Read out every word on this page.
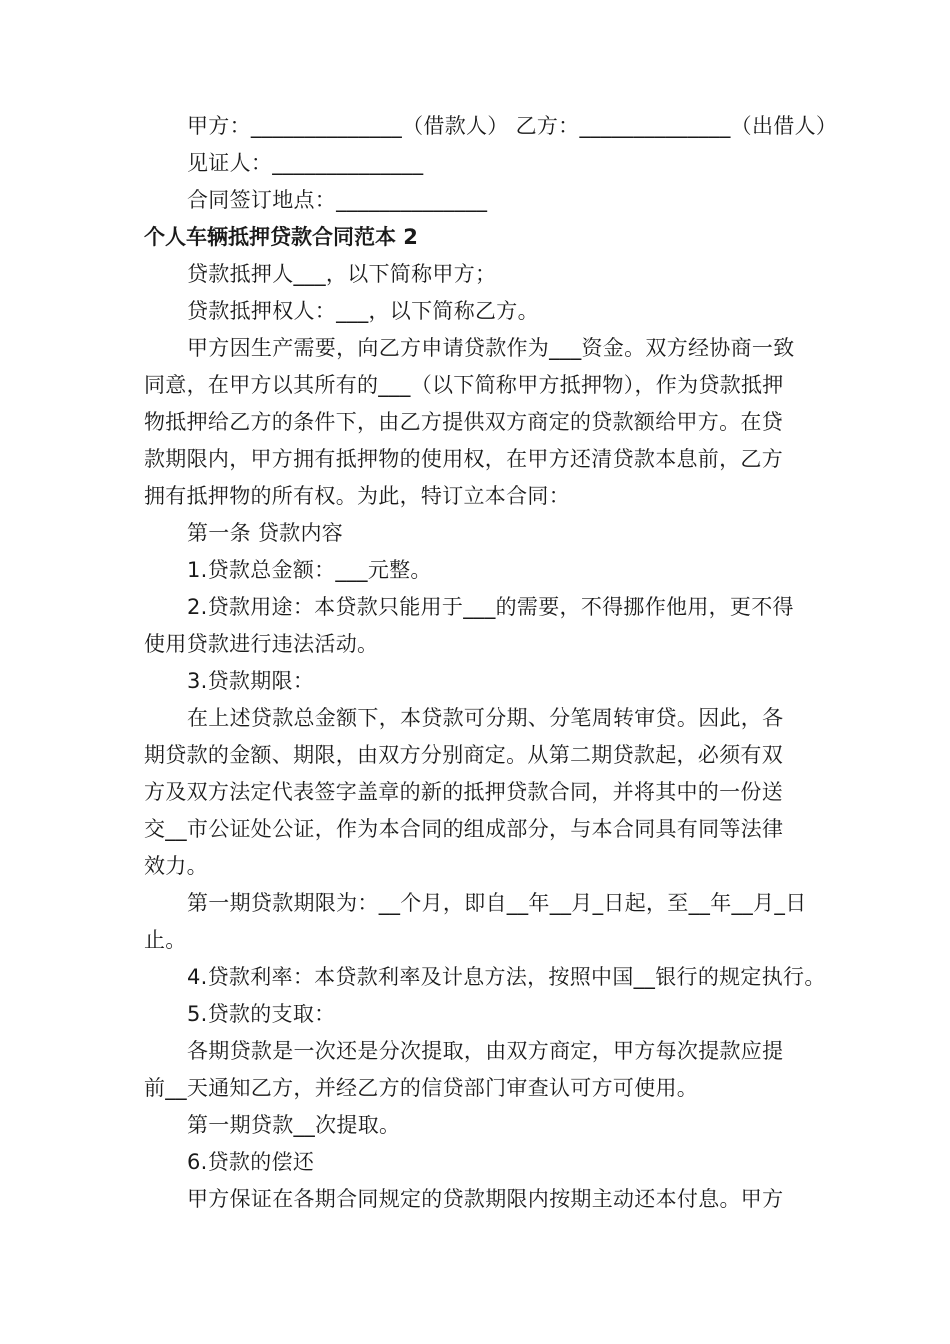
甲方：______________（借款人） 乙方：______________（出借人）
见证人：______________
合同签订地点：______________
个人车辆抵押贷款合同范本 2
贷款抵押人___，以下简称甲方；
贷款抵押权人：___，以下简称乙方。
甲方因生产需要，向乙方申请贷款作为___资金。双方经协商一致
同意，在甲方以其所有的___（以下简称甲方抵押物），作为贷款抵押
物抵押给乙方的条件下，由乙方提供双方商定的贷款额给甲方。在贷
款期限内，甲方拥有抵押物的使用权，在甲方还清贷款本息前，乙方
拥有抵押物的所有权。为此，特订立本合同：
第一条 贷款内容
1.贷款总金额：___元整。
2.贷款用途：本贷款只能用于___的需要，不得挪作他用，更不得
使用贷款进行违法活动。
3.贷款期限：
在上述贷款总金额下，本贷款可分期、分笔周转审贷。因此，各
期贷款的金额、期限，由双方分别商定。从第二期贷款起，必须有双
方及双方法定代表签字盖章的新的抵押贷款合同，并将其中的一份送
交__市公证处公证，作为本合同的组成部分，与本合同具有同等法律
效力。
第一期贷款期限为：__个月，即自__年__月_日起，至__年__月_日
止。
4.贷款利率：本贷款利率及计息方法，按照中国__银行的规定执行。
5.贷款的支取：
各期贷款是一次还是分次提取，由双方商定，甲方每次提款应提
前__天通知乙方，并经乙方的信贷部门审查认可方可使用。
第一期贷款__次提取。
6.贷款的偿还
甲方保证在各期合同规定的贷款期限内按期主动还本付息。甲方
